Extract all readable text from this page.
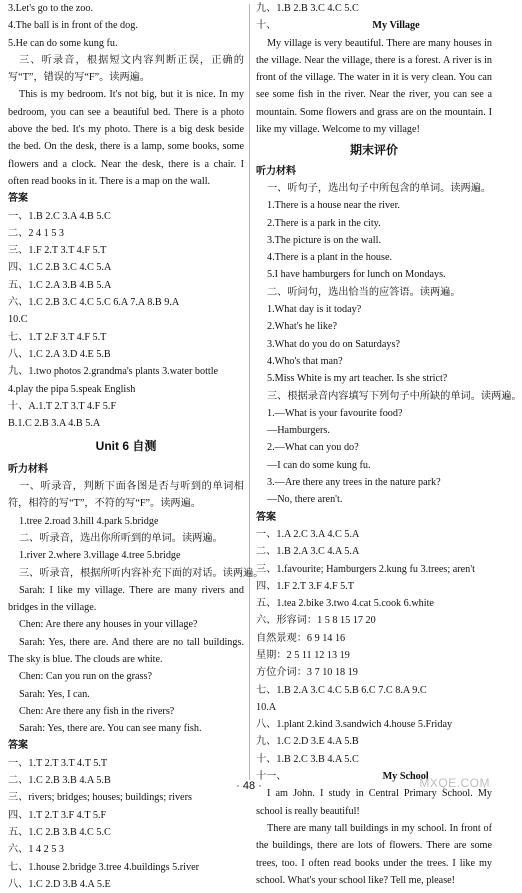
3.Let's go to the zoo.
4.The ball is in front of the dog.
5.He can do some kung fu.
三、听录音，根据短文内容判断正误，正确的写“T”，错误的写“F”。读两遍。
This is my bedroom. It's not big, but it is nice. In my bedroom, you can see a beautiful bed. There is a photo above the bed. It's my photo. There is a big desk beside the bed. On the desk, there is a lamp, some books, some flowers and a clock. Near the desk, there is a chair. I often read books in it. There is a map on the wall.
答案
一、1.B 2.C 3.A 4.B 5.C
二、2 4 1 5 3
三、1.F 2.T 3.T 4.F 5.T
四、1.C 2.B 3.C 4.C 5.A
五、1.C 2.A 3.B 4.B 5.A
六、1.C 2.B 3.C 4.C 5.C 6.A 7.A 8.B 9.A
10.C
七、1.T 2.F 3.T 4.F 5.T
八、1.C 2.A 3.D 4.E 5.B
九、1.two photos 2.grandma's plants 3.water bottle
4.play the pipa 5.speak English
十、A.1.T 2.T 3.T 4.F 5.F
B.1.C 2.B 3.A 4.B 5.A
Unit 6 自测
听力材料
一、听录音，判断下面各图是否与听到的单词相符，相符的写“T”，不符的写“F”。读两遍。
1.tree 2.road 3.hill 4.park 5.bridge
二、听录音，选出你所听到的单词。读两遍。
1.river 2.where 3.village 4.tree 5.bridge
三、听录音，根据所听内容补充下面的对话。读两遍。
Sarah: I like my village. There are many rivers and bridges in the village.
Chen: Are there any houses in your village?
Sarah: Yes, there are. And there are no tall buildings. The sky is blue. The clouds are white.
Chen: Can you run on the grass?
Sarah: Yes, I can.
Chen: Are there any fish in the rivers?
Sarah: Yes, there are. You can see many fish.
答案
一、1.T 2.T 3.T 4.T 5.T
二、1.C 2.B 3.B 4.A 5.B
三、rivers; bridges; houses; buildings; rivers
四、1.T 2.T 3.F 4.T 5.F
五、1.C 2.B 3.B 4.C 5.C
六、1 4 2 5 3
七、1.house 2.bridge 3.tree 4.buildings 5.river
八、1.C 2.D 3.B 4.A 5.E
九、1.B 2.B 3.C 4.C 5.C
十、	My Village
My village is very beautiful. There are many houses in the village. Near the village, there is a forest. A river is in front of the village. The water in it is very clean. You can see some fish in the river. Near the river, you can see a mountain. Some flowers and grass are on the mountain. I like my village. Welcome to my village!
期末评价
听力材料
一、听句子，选出句子中所包含的单词。读两遍。
1.There is a house near the river.
2.There is a park in the city.
3.The picture is on the wall.
4.There is a plant in the house.
5.I have hamburgers for lunch on Mondays.
二、听问句，选出恰当的应答语。读两遍。
1.What day is it today?
2.What's he like?
3.What do you do on Saturdays?
4.Who's that man?
5.Miss White is my art teacher. Is she strict?
三、根据录音内容填写下列句子中所缺的单词。读两遍。
1.—What is your favourite food?
—Hamburgers.
2.—What can you do?
—I can do some kung fu.
3.—Are there any trees in the nature park?
—No, there aren't.
答案
一、1.A 2.C 3.A 4.C 5.A
二、1.B 2.A 3.C 4.A 5.A
三、1.favourite; Hamburgers 2.kung fu 3.trees; aren't
四、1.F 2.T 3.F 4.F 5.T
五、1.tea 2.bike 3.two 4.cat 5.cook 6.white
六、形容词：1 5 8 15 17 20
自然景观：6 9 14 16
星期：2 5 11 12 13 19
方位介词：3 7 10 18 19
七、1.B 2.A 3.C 4.C 5.B 6.C 7.C 8.A 9.C
10.A
八、1.plant 2.kind 3.sandwich 4.house 5.Friday
九、1.C 2.D 3.E 4.A 5.B
十、1.B 2.C 3.B 4.A 5.C
十一、	My School
I am John. I study in Central Primary School. My school is really beautiful!
There are many tall buildings in my school. In front of the buildings, there are lots of flowers. There are some trees, too. I often read books under the trees. I like my school. What's your school like? Tell me, please!
· 48 ·	MXQE.COM
